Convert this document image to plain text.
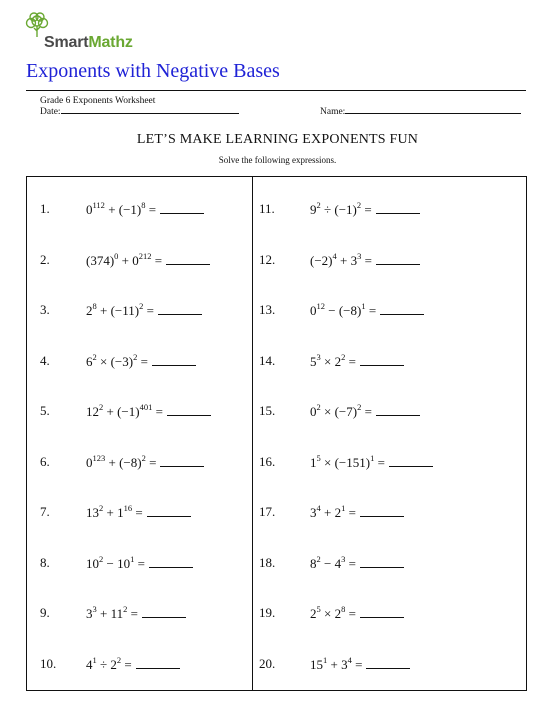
SmartMathz
Exponents with Negative Bases
Grade 6 Exponents Worksheet
Date:	Name:
LET’S MAKE LEARNING EXPONENTS FUN
Solve the following expressions.
1.	$0^{112} + (-1)^8$ =
2.	$(374)^0 + 0^{212}$ =
3.	$2^8 + (-11)^2$ =
4.	$6^2 \times (-3)^2$ =
5.	$12^2 + (-1)^{401}$ =
6.	$0^{123} + (-8)^2$ =
7.	$13^2 + 1^{16}$ =
8.	$10^2 - 10^1$ =
9.	$3^3 + 11^2$ =
10. $4^1 \div 2^2$ =
11.	$9^2 \div (-1)^2$ =
12.	$(-2)^4 + 3^3$ =
13.	$0^{12} - (-8)^1$ =
14.	$5^3 \times 2^2$ =
15.	$0^2 \times (-7)^2$ =
16.	$1^5 \times (-151)^1$ =
17.	$3^4 + 2^1$ =
18.	$8^2 - 4^3$ =
19.	$2^5 \times 2^8$ =
20.	$15^1 + 3^4$ =
